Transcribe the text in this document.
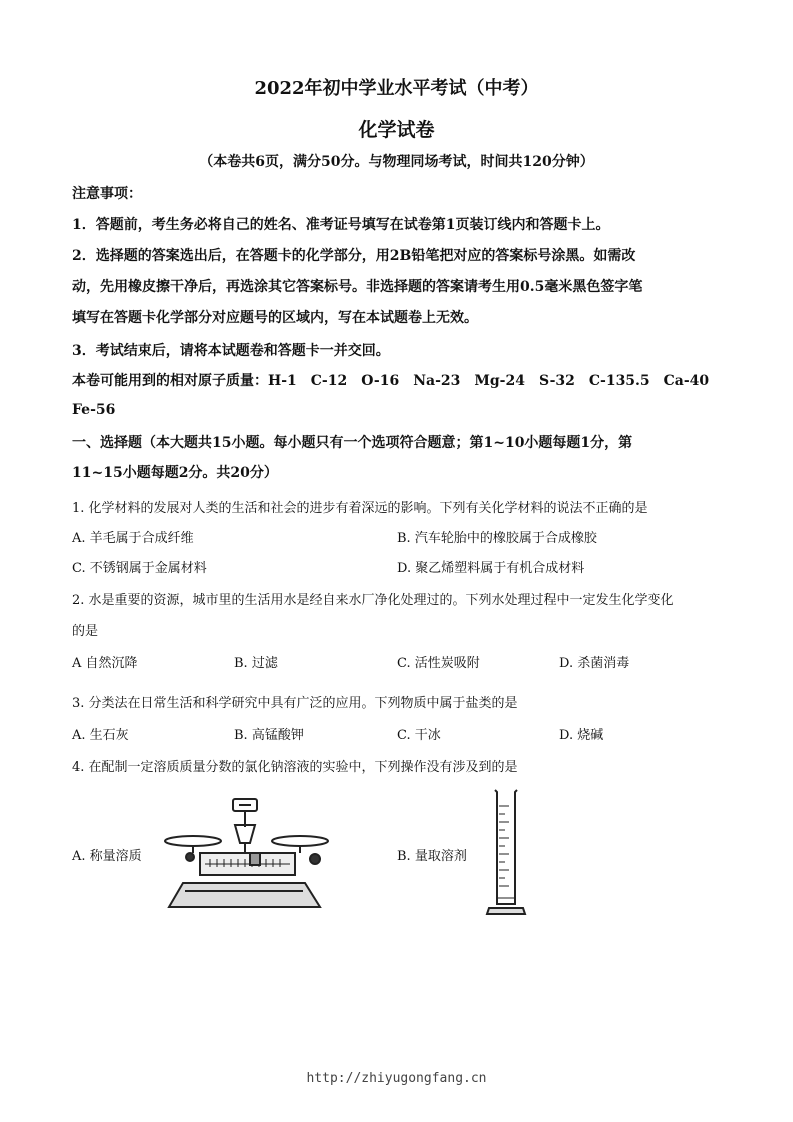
2022年初中学业水平考试（中考）
化学试卷
（本卷共6页，满分50分。与物理同场考试，时间共120分钟）
注意事项：
1．答题前，考生务必将自己的姓名、准考证号填写在试卷第1页装订线内和答题卡上。
2．选择题的答案选出后，在答题卡的化学部分，用2B铅笔把对应的答案标号涂黑。如需改
动，先用橡皮擦干净后，再选涂其它答案标号。非选择题的答案请考生用0.5毫米黑色签字笔
填写在答题卡化学部分对应题号的区域内，写在本试题卷上无效。
3．考试结束后，请将本试题卷和答题卡一并交回。
本卷可能用到的相对原子质量：H-1　C-12　O-16　Na-23　Mg-24　S-32　C-135.5　Ca-40
Fe-56
一、选择题（本大题共15小题。每小题只有一个选项符合题意；第1~10小题每题1分，第
11~15小题每题2分。共20分）
1. 化学材料的发展对人类的生活和社会的进步有着深远的影响。下列有关化学材料的说法不正确的是
A. 羊毛属于合成纤维	B. 汽车轮胎中的橡胶属于合成橡胶
C. 不锈钢属于金属材料	D. 聚乙烯塑料属于有机合成材料
2. 水是重要的资源，城市里的生活用水是经自来水厂净化处理过的。下列水处理过程中一定发生化学变化
的是
A 自然沉降	B. 过滤	C. 活性炭吸附	D. 杀菌消毒
3. 分类法在日常生活和科学研究中具有广泛的应用。下列物质中属于盐类的是
A. 生石灰	B. 高锰酸钾	C. 干冰	D. 烧碱
4. 在配制一定溶质质量分数的氯化钠溶液的实验中，下列操作没有涉及到的是
A. 称量溶质	B. 量取溶剂
http://zhiyugongfang.cn
